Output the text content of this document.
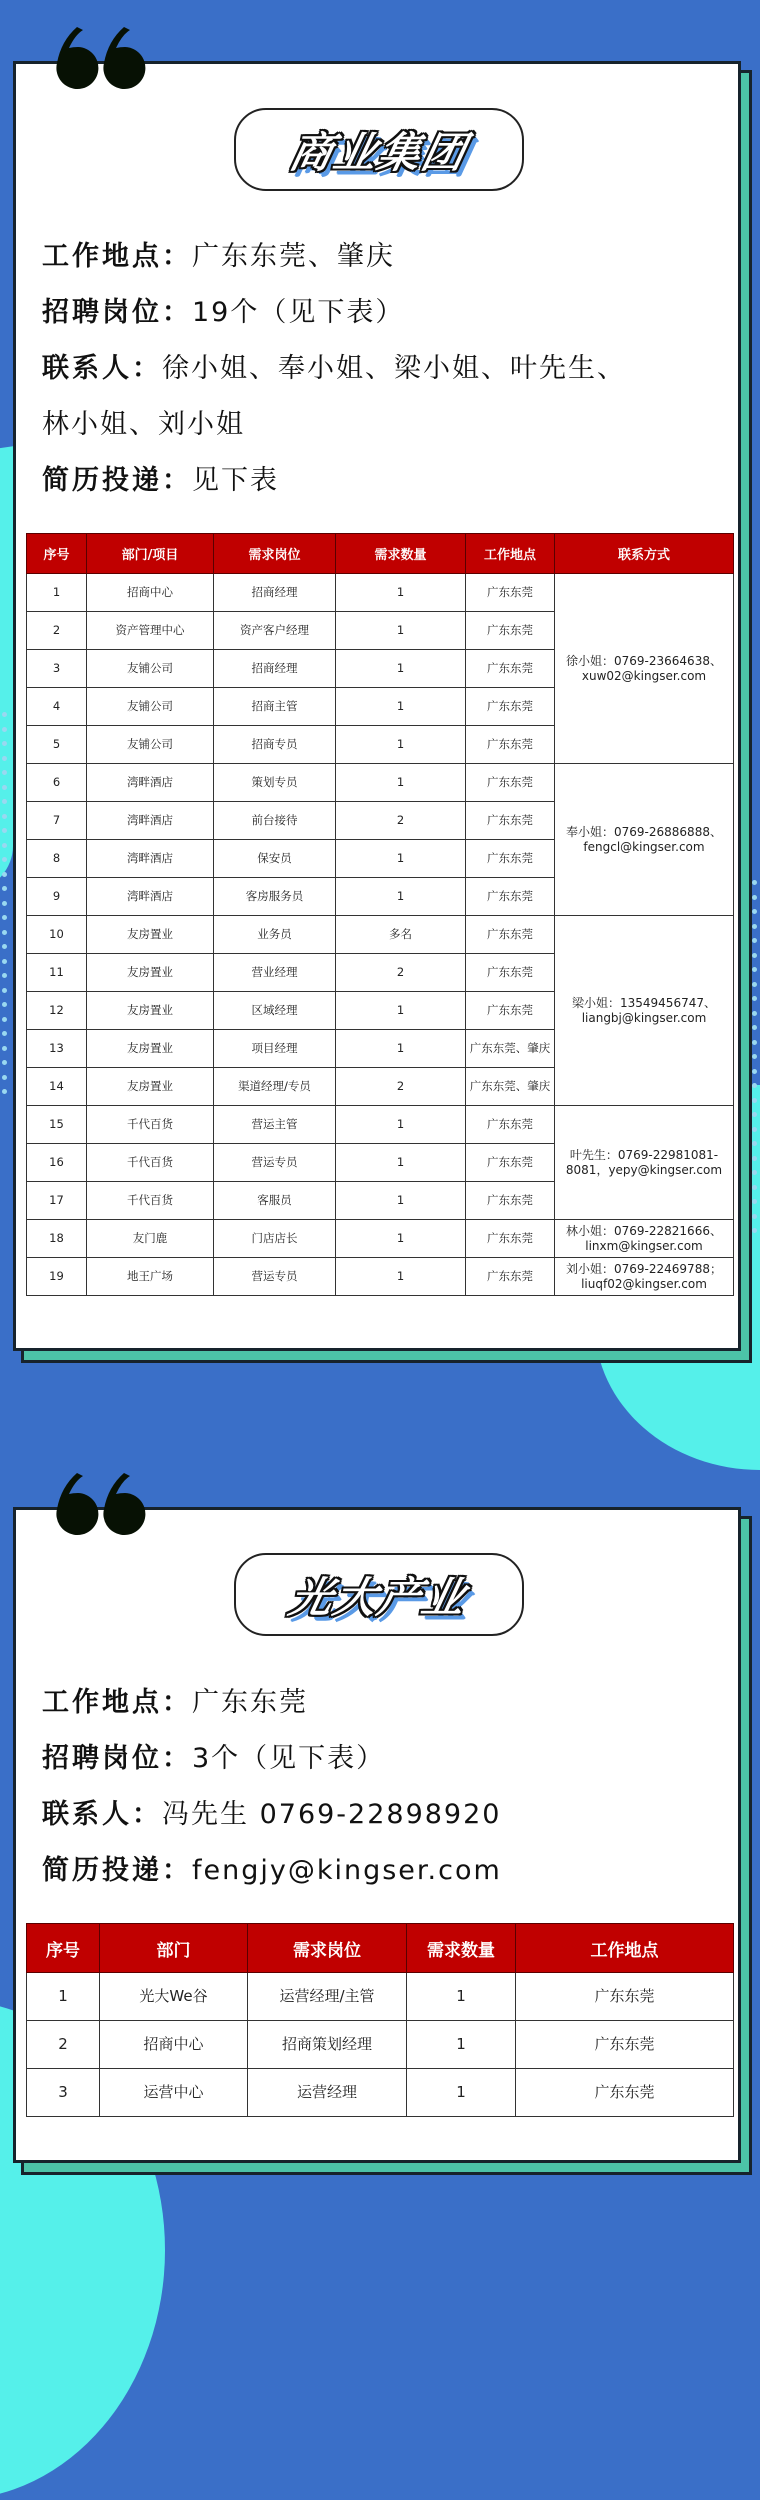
商业集团
工作地点：广东东莞、肇庆
招聘岗位：19个（见下表）
联系人：徐小姐、奉小姐、梁小姐、叶先生、
林小姐、刘小姐
简历投递：见下表
序号	部门/项目	需求岗位	需求数量	工作地点	联系方式
1	招商中心	招商经理	1	广东东莞	徐小姐：0769-23664638、xuw02@kingser.com
2	资产管理中心	资产客户经理	1	广东东莞	
3	友铺公司	招商经理	1	广东东莞	
4	友铺公司	招商主管	1	广东东莞	
5	友铺公司	招商专员	1	广东东莞	
6	湾畔酒店	策划专员	1	广东东莞	奉小姐：0769-26886888、fengcl@kingser.com
7	湾畔酒店	前台接待	2	广东东莞	
8	湾畔酒店	保安员	1	广东东莞	
9	湾畔酒店	客房服务员	1	广东东莞	
10	友房置业	业务员	多名	广东东莞	梁小姐：13549456747、liangbj@kingser.com
11	友房置业	营业经理	2	广东东莞	
12	友房置业	区域经理	1	广东东莞	
13	友房置业	项目经理	1	广东东莞、肇庆	
14	友房置业	渠道经理/专员	2	广东东莞、肇庆	
15	千代百货	营运主管	1	广东东莞	叶先生：0769-22981081-8081，yepy@kingser.com
16	千代百货	营运专员	1	广东东莞	
17	千代百货	客服员	1	广东东莞	
18	友门鹿	门店店长	1	广东东莞	林小姐：0769-22821666、linxm@kingser.com
19	地王广场	营运专员	1	广东东莞	刘小姐：0769-22469788；liuqf02@kingser.com
光大产业
工作地点：广东东莞
招聘岗位：3个（见下表）
联系人：冯先生 0769-22898920
简历投递：fengjy@kingser.com
序号	部门	需求岗位	需求数量	工作地点
1	光大We谷	运营经理/主管	1	广东东莞
2	招商中心	招商策划经理	1	广东东莞
3	运营中心	运营经理	1	广东东莞
